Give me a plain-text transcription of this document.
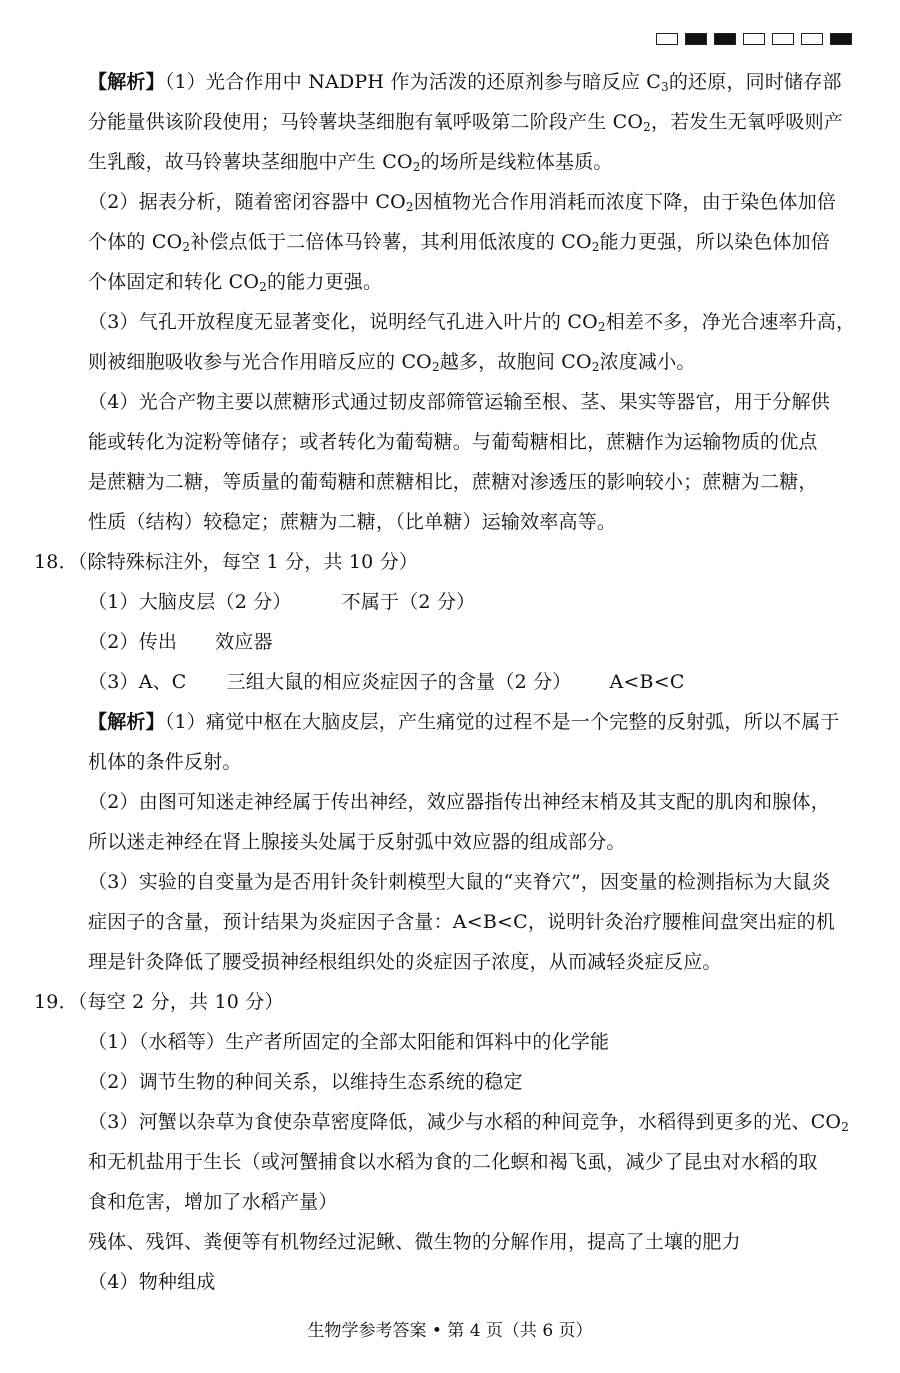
【解析】（1）光合作用中 NADPH 作为活泼的还原剂参与暗反应 $C_3$的还原，同时储存部
分能量供该阶段使用；马铃薯块茎细胞有氧呼吸第二阶段产生 $CO_2$，若发生无氧呼吸则产
生乳酸，故马铃薯块茎细胞中产生 $CO_2$的场所是线粒体基质。
（2）据表分析，随着密闭容器中 $CO_2$因植物光合作用消耗而浓度下降，由于染色体加倍
个体的 $CO_2$补偿点低于二倍体马铃薯，其利用低浓度的 $CO_2$能力更强，所以染色体加倍
个体固定和转化 $CO_2$的能力更强。
（3）气孔开放程度无显著变化，说明经气孔进入叶片的 $CO_2$相差不多，净光合速率升高，
则被细胞吸收参与光合作用暗反应的 $CO_2$越多，故胞间 $CO_2$浓度减小。
（4）光合产物主要以蔗糖形式通过韧皮部筛管运输至根、茎、果实等器官，用于分解供
能或转化为淀粉等储存；或者转化为葡萄糖。与葡萄糖相比，蔗糖作为运输物质的优点
是蔗糖为二糖，等质量的葡萄糖和蔗糖相比，蔗糖对渗透压的影响较小；蔗糖为二糖，
性质（结构）较稳定；蔗糖为二糖，（比单糖）运输效率高等。
18．（除特殊标注外，每空 1 分，共 10 分）
（1）大脑皮层（2 分）	不属于（2 分）
（2）传出 效应器
（3）A、C 三组大鼠的相应炎症因子的含量（2 分） A<B<C
【解析】（1）痛觉中枢在大脑皮层，产生痛觉的过程不是一个完整的反射弧，所以不属于
机体的条件反射。
（2）由图可知迷走神经属于传出神经，效应器指传出神经末梢及其支配的肌肉和腺体，
所以迷走神经在肾上腺接头处属于反射弧中效应器的组成部分。
（3）实验的自变量为是否用针灸针刺模型大鼠的“夹脊穴”，因变量的检测指标为大鼠炎
症因子的含量，预计结果为炎症因子含量：A<B<C，说明针灸治疗腰椎间盘突出症的机
理是针灸降低了腰受损神经根组织处的炎症因子浓度，从而减轻炎症反应。
19．（每空 2 分，共 10 分）
（1）（水稻等）生产者所固定的全部太阳能和饵料中的化学能
（2）调节生物的种间关系，以维持生态系统的稳定
（3）河蟹以杂草为食使杂草密度降低，减少与水稻的种间竞争，水稻得到更多的光、$CO_2$
和无机盐用于生长（或河蟹捕食以水稻为食的二化螟和褐飞虱，减少了昆虫对水稻的取
食和危害，增加了水稻产量）
残体、残饵、粪便等有机物经过泥鳅、微生物的分解作用，提高了土壤的肥力
（4）物种组成
生物学参考答案 • 第 4 页（共 6 页）
